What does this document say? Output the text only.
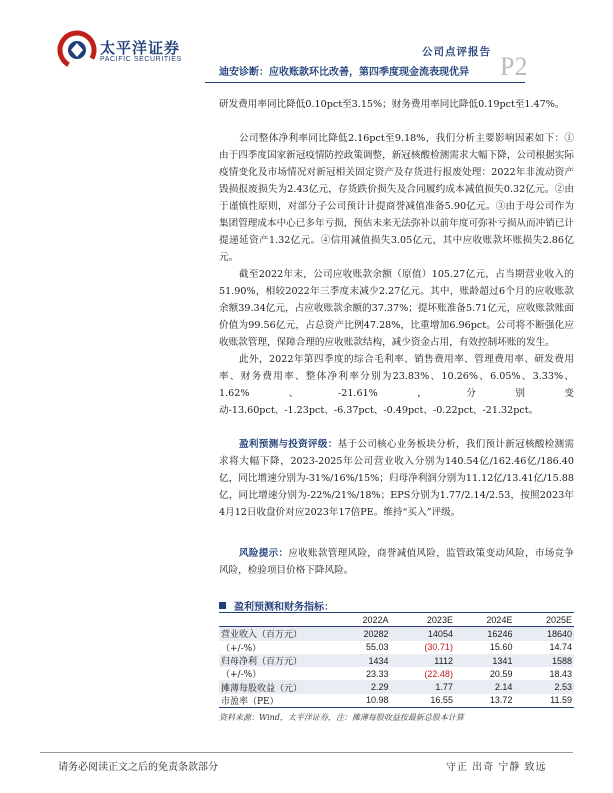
太平洋证券
PACIFIC SECURITIES
公司点评报告
迪安诊断：应收账款环比改善，第四季度现金流表现优异 P2

研发费用率同比降低0.10pct至3.15%；财务费用率同比降低0.19pct至1.47%。

公司整体净利率同比降低2.16pct至9.18%，我们分析主要影响因素如下：①由于四季度国家新冠疫情防控政策调整，新冠核酸检测需求大幅下降，公司根据实际疫情变化及市场情况对新冠相关固定资产及存货进行报废处理：2022年非流动资产毁损报废损失为2.43亿元，存货跌价损失及合同履约成本减值损失0.32亿元。②由于谨慎性原则，对部分子公司预计计提商誉减值准备5.90亿元。③由于母公司作为集团管理成本中心已多年亏损，预估未来无法弥补以前年度可弥补亏损从而冲销已计提递延资产1.32亿元。④信用减值损失3.05亿元，其中应收账款坏账损失2.86亿元。

截至2022年末，公司应收账款余额（原值）105.27亿元，占当期营业收入的51.90%，相较2022年三季度末减少2.27亿元。其中，账龄超过6个月的应收账款余额39.34亿元，占应收账款余额的37.37%；提坏账准备5.71亿元，应收账款账面价值为99.56亿元，占总资产比例47.28%，比重增加6.96pct。公司将不断强化应收账款管理，保障合理的应收账款结构，减少资金占用，有效控制坏账的发生。

此外，2022年第四季度的综合毛利率、销售费用率、管理费用率、研发费用率、财务费用率、整体净利率分别为23.83%、10.26%、6.05%、3.33%、1.62%、-21.61%，分别变动-13.60pct、-1.23pct、-6.37pct、-0.49pct、-0.22pct、-21.32pct。

盈利预测与投资评级：基于公司核心业务板块分析，我们预计新冠核酸检测需求将大幅下降，2023-2025年公司营业收入分别为140.54亿/162.46亿/186.40亿，同比增速分别为-31%/16%/15%；归母净利润分别为11.12亿/13.41亿/15.88亿，同比增速分别为-22%/21%/18%；EPS分别为1.77/2.14/2.53，按照2023年4月12日收盘价对应2023年17倍PE。维持“买入”评级。

风险提示：应收账款管理风险，商誉减值风险，监管政策变动风险，市场竞争风险，检验项目价格下降风险。

盈利预测和财务指标：
	2022A	2023E	2024E	2025E
营业收入（百万元）	20282	14054	16246	18640
（+/-%）	55.03	(30.71)	15.60	14.74
归母净利（百万元）	1434	1112	1341	1588
（+/-%）	23.33	(22.48)	20.59	18.43
摊薄每股收益（元）	2.29	1.77	2.14	2.53
市盈率（PE）	10.98	16.55	13.72	11.59
资料来源：Wind，太平洋证券，注：摊薄每股收益按最新总股本计算
请务必阅读正文之后的免责条款部分	守正 出奇 宁静 致远
